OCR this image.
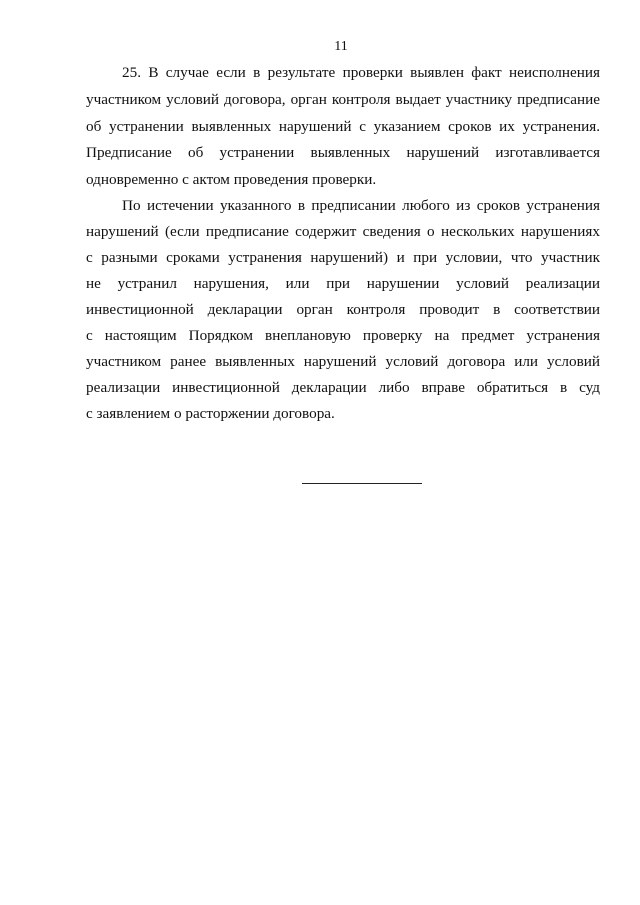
11
25. В случае если в результате проверки выявлен факт неисполнения
участником условий договора, орган контроля выдает участнику предписание
об устранении выявленных нарушений с указанием сроков их устранения.
Предписание об устранении выявленных нарушений изготавливается
одновременно с актом проведения проверки.
По истечении указанного в предписании любого из сроков устранения
нарушений (если предписание содержит сведения о нескольких нарушениях
с разными сроками устранения нарушений) и при условии, что участник
не устранил нарушения, или при нарушении условий реализации
инвестиционной декларации орган контроля проводит в соответствии
с настоящим Порядком внеплановую проверку на предмет устранения
участником ранее выявленных нарушений условий договора или условий
реализации инвестиционной декларации либо вправе обратиться в суд
с заявлением о расторжении договора.
